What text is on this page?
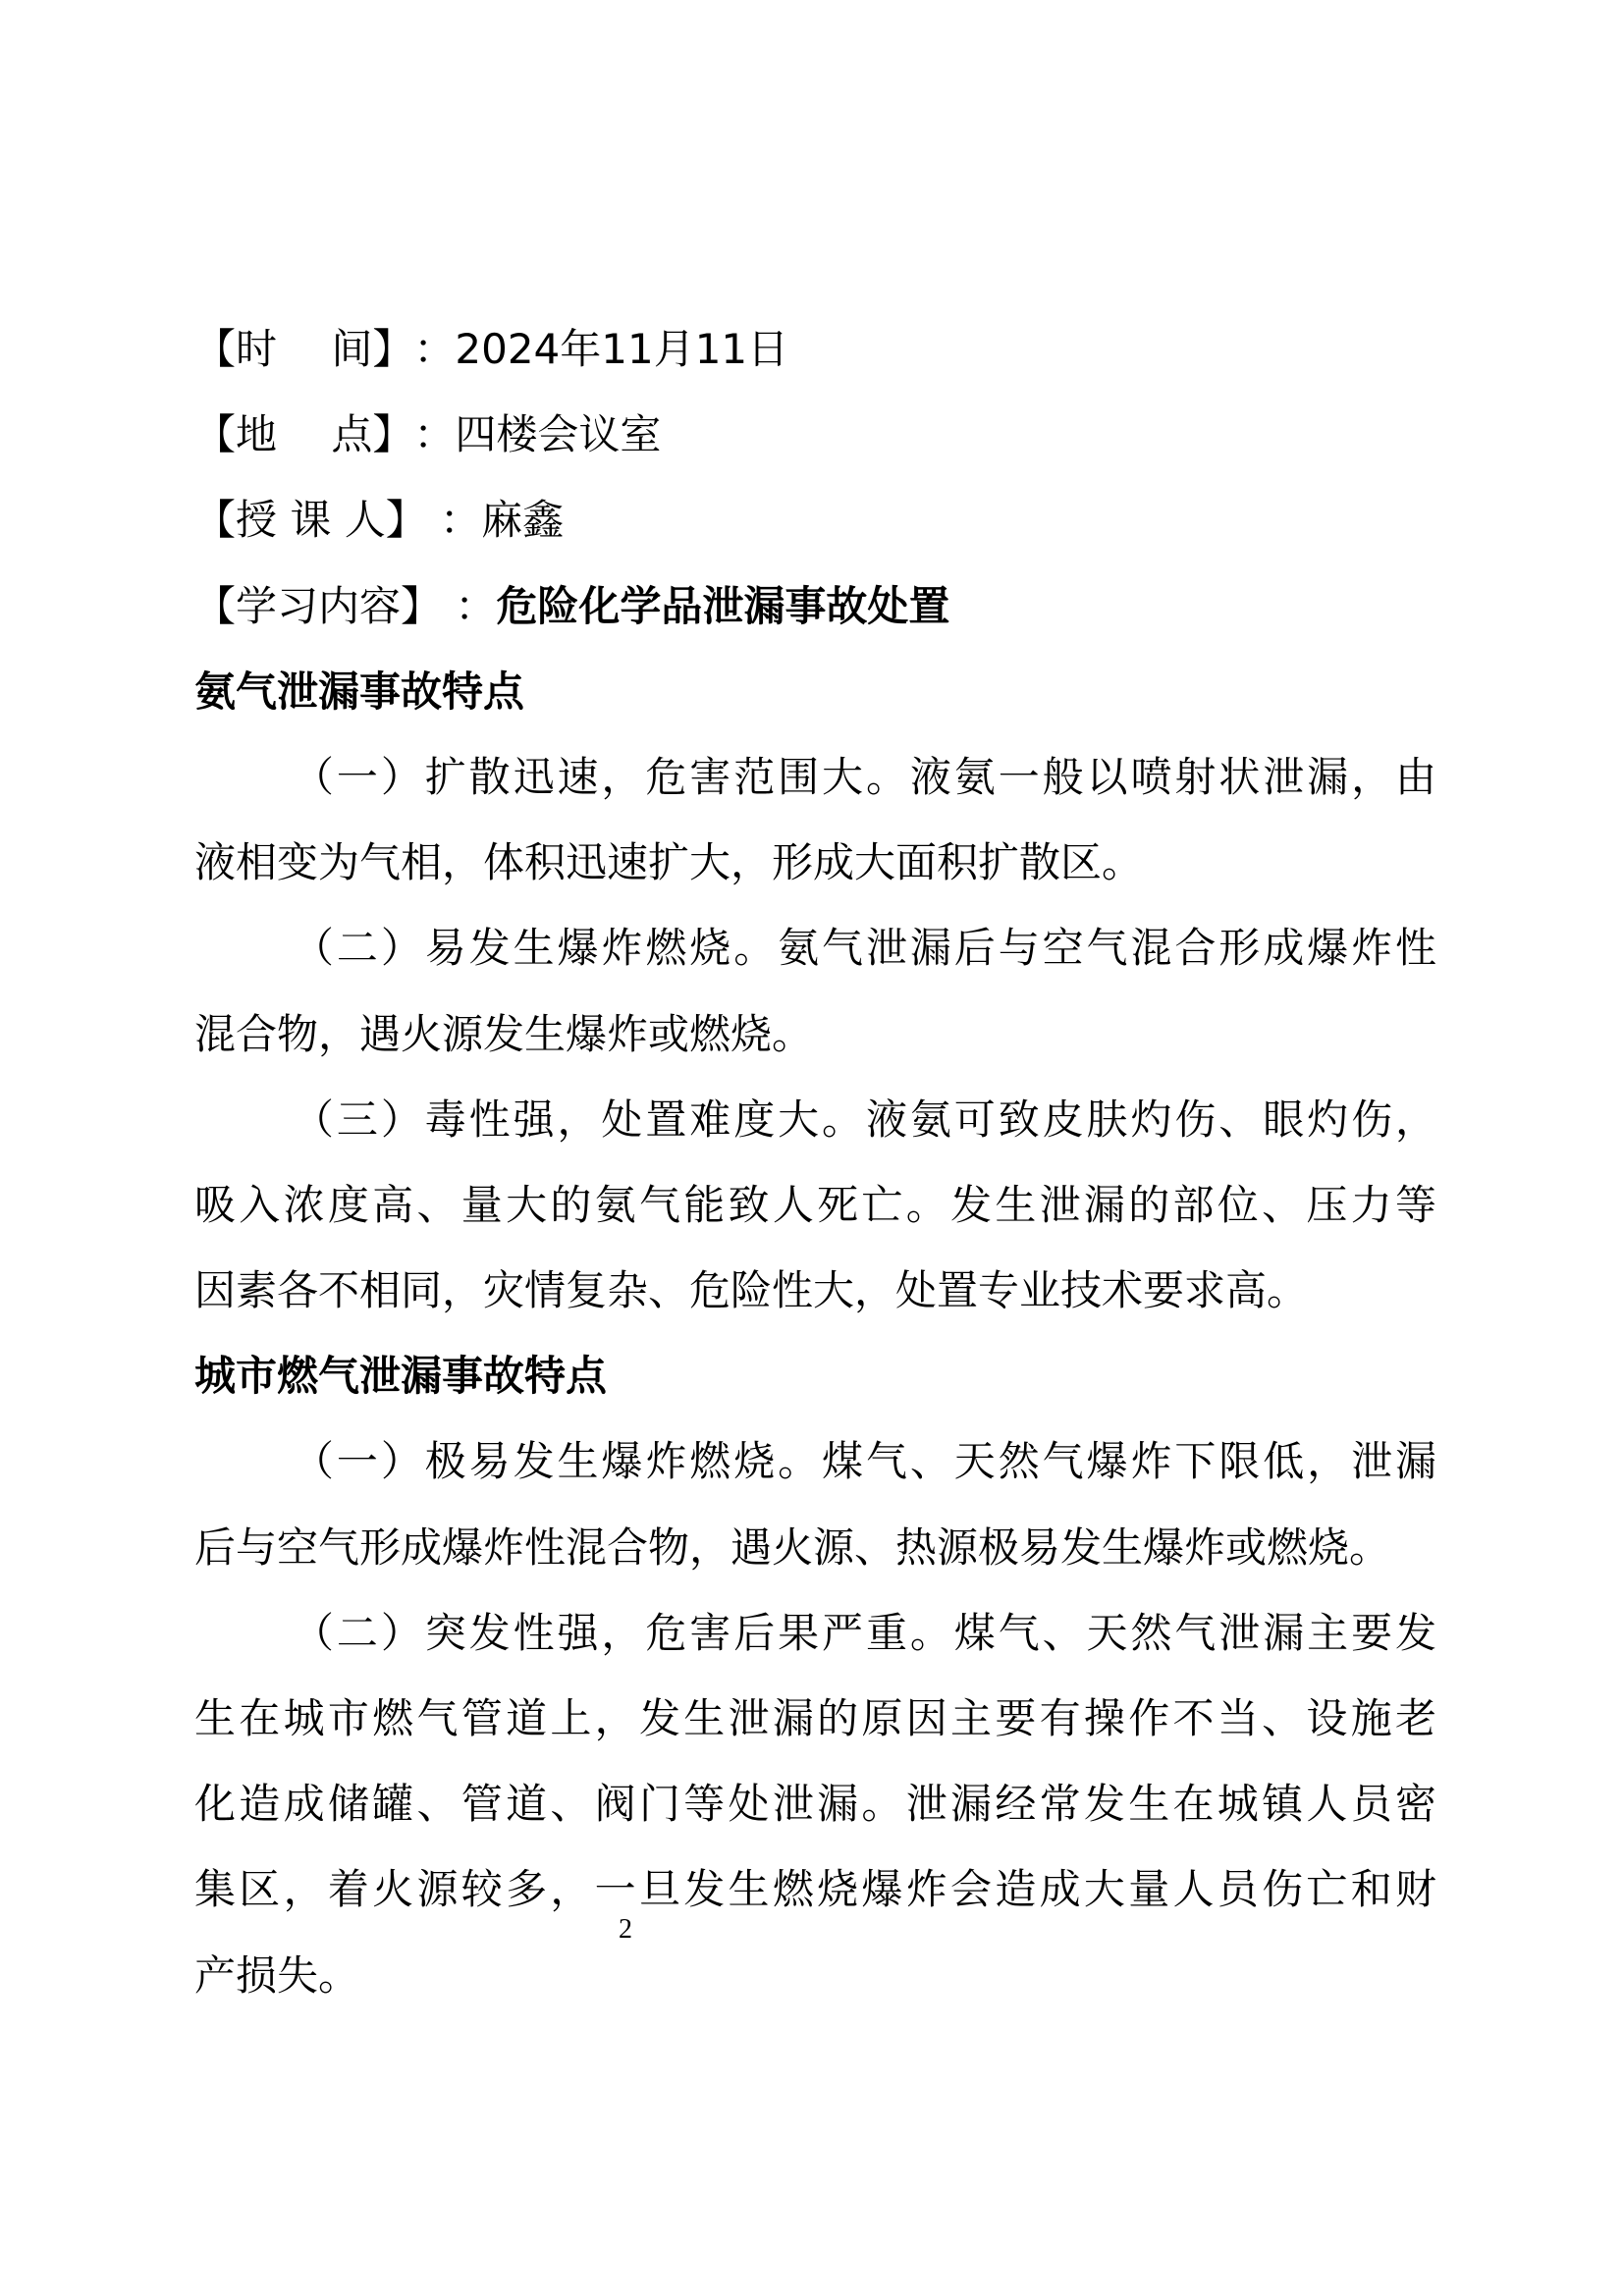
【时　 间】：2024年11月11日
【地　 点】：四楼会议室
【授 课 人】 ：麻鑫
【学习内容】 ：危险化学品泄漏事故处置
氨气泄漏事故特点
（一）扩散迅速，危害范围大。液氨一般以喷射状泄漏，由
液相变为气相，体积迅速扩大，形成大面积扩散区。
（二）易发生爆炸燃烧。氨气泄漏后与空气混合形成爆炸性
混合物，遇火源发生爆炸或燃烧。
（三）毒性强，处置难度大。液氨可致皮肤灼伤、眼灼伤，
吸入浓度高、量大的氨气能致人死亡。发生泄漏的部位、压力等
因素各不相同，灾情复杂、危险性大，处置专业技术要求高。
城市燃气泄漏事故特点
（一）极易发生爆炸燃烧。煤气、天然气爆炸下限低，泄漏
后与空气形成爆炸性混合物，遇火源、热源极易发生爆炸或燃烧。
（二）突发性强，危害后果严重。煤气、天然气泄漏主要发
生在城市燃气管道上，发生泄漏的原因主要有操作不当、设施老
化造成储罐、管道、阀门等处泄漏。泄漏经常发生在城镇人员密
集区，着火源较多，一旦发生燃烧爆炸会造成大量人员伤亡和财
产损失。
2
